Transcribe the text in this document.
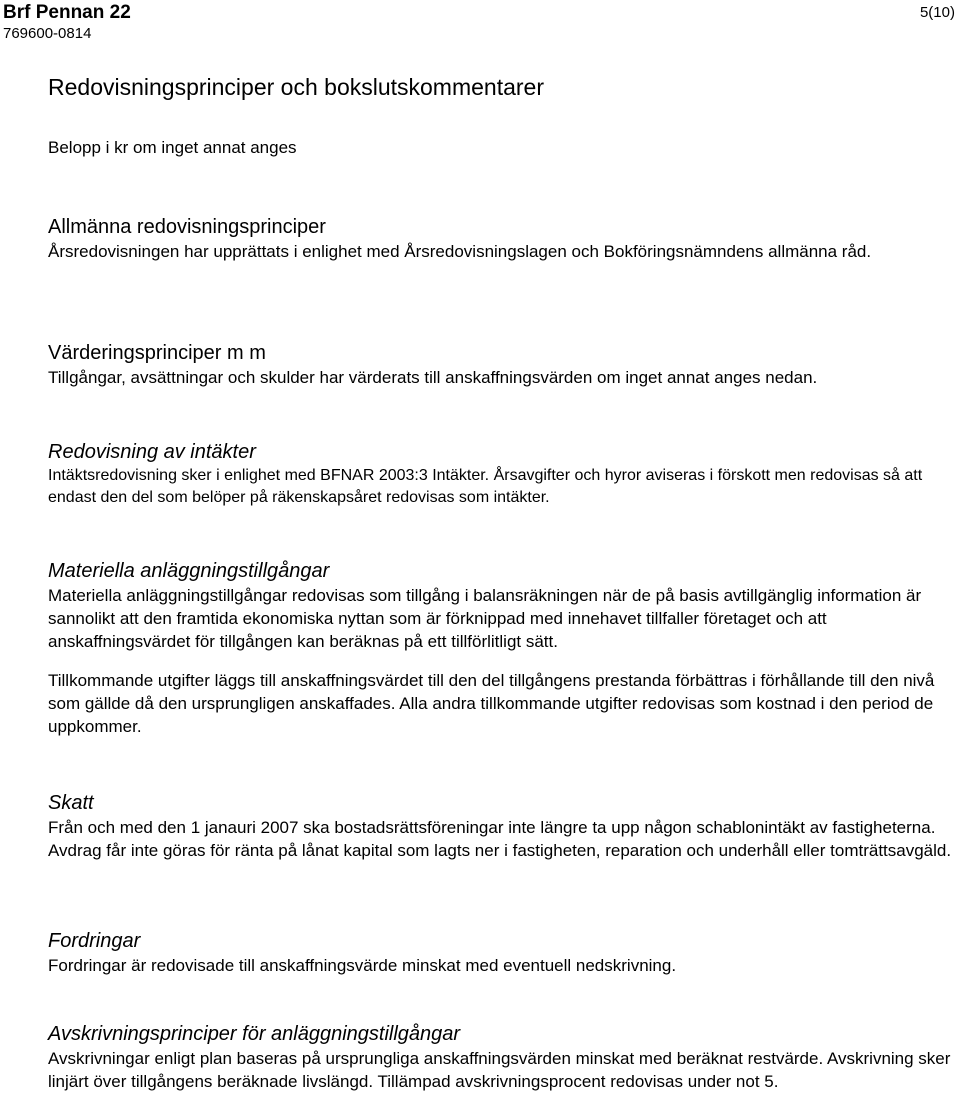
Brf Pennan 22
769600-0814
5(10)
Redovisningsprinciper och bokslutskommentarer
Belopp i kr om inget annat anges
Allmänna redovisningsprinciper

Årsredovisningen har upprättats i enlighet med Årsredovisningslagen och Bokföringsnämndens allmänna råd.

Värderingsprinciper m m

Tillgångar, avsättningar och skulder har värderats till anskaffningsvärden om inget annat anges nedan.

Redovisning av intäkter

Intäktsredovisning sker i enlighet med BFNAR 2003:3 Intäkter. Årsavgifter och hyror aviseras i förskott men redovisas så att endast den del som belöper på räkenskapsåret redovisas som intäkter.

Materiella anläggningstillgångar

Materiella anläggningstillgångar redovisas som tillgång i balansräkningen när de på basis avtillgänglig information är sannolikt att den framtida ekonomiska nyttan som är förknippad med innehavet tillfaller företaget och att anskaffningsvärdet för tillgången kan beräknas på ett tillförlitligt sätt.

Tillkommande utgifter läggs till anskaffningsvärdet till den del tillgångens prestanda förbättras i förhållande till den nivå som gällde då den ursprungligen anskaffades. Alla andra tillkommande utgifter redovisas som kostnad i den period de uppkommer.

Skatt

Från och med den 1 janauri 2007 ska bostadsrättsföreningar inte längre ta upp någon schablonintäkt av fastigheterna. Avdrag får inte göras för ränta på lånat kapital som lagts ner i fastigheten, reparation och underhåll eller tomträttsavgäld.

Fordringar

Fordringar är redovisade till anskaffningsvärde minskat med eventuell nedskrivning.

Avskrivningsprinciper för anläggningstillgångar

Avskrivningar enligt plan baseras på ursprungliga anskaffningsvärden minskat med beräknat restvärde. Avskrivning sker linjärt över tillgångens beräknade livslängd. Tillämpad avskrivningsprocent redovisas under not 5.
